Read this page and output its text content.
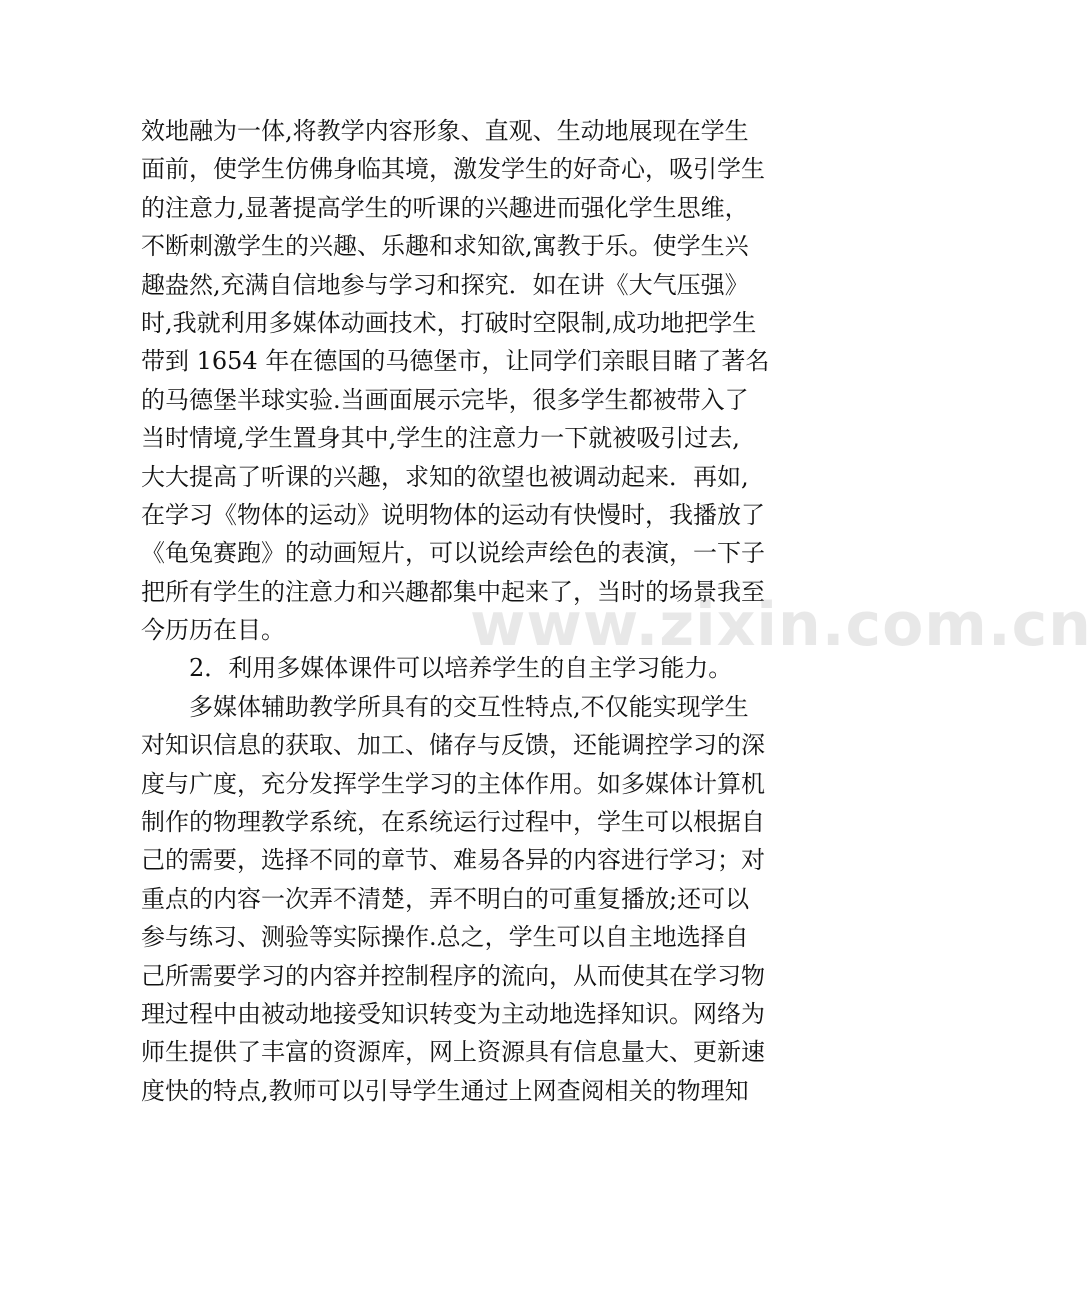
效地融为一体,将教学内容形象、直观、生动地展现在学生
面前，使学生仿佛身临其境，激发学生的好奇心，吸引学生
的注意力,显著提高学生的听课的兴趣进而强化学生思维，
不断刺激学生的兴趣、乐趣和求知欲,寓教于乐。使学生兴
趣盎然,充满自信地参与学习和探究．如在讲《大气压强》
时,我就利用多媒体动画技术，打破时空限制,成功地把学生
带到 1654 年在德国的马德堡市，让同学们亲眼目睹了著名
的马德堡半球实验.当画面展示完毕，很多学生都被带入了
当时情境,学生置身其中,学生的注意力一下就被吸引过去,
大大提高了听课的兴趣，求知的欲望也被调动起来．再如,
在学习《物体的运动》说明物体的运动有快慢时，我播放了
《龟兔赛跑》的动画短片，可以说绘声绘色的表演，一下子
把所有学生的注意力和兴趣都集中起来了，当时的场景我至
今历历在目。
2．利用多媒体课件可以培养学生的自主学习能力。
多媒体辅助教学所具有的交互性特点,不仅能实现学生
对知识信息的获取、加工、储存与反馈，还能调控学习的深
度与广度，充分发挥学生学习的主体作用。如多媒体计算机
制作的物理教学系统，在系统运行过程中，学生可以根据自
己的需要，选择不同的章节、难易各异的内容进行学习；对
重点的内容一次弄不清楚，弄不明白的可重复播放;还可以
参与练习、测验等实际操作.总之，学生可以自主地选择自
己所需要学习的内容并控制程序的流向，从而使其在学习物
理过程中由被动地接受知识转变为主动地选择知识。网络为
师生提供了丰富的资源库，网上资源具有信息量大、更新速
度快的特点,教师可以引导学生通过上网查阅相关的物理知
www.zixin.com.cn
